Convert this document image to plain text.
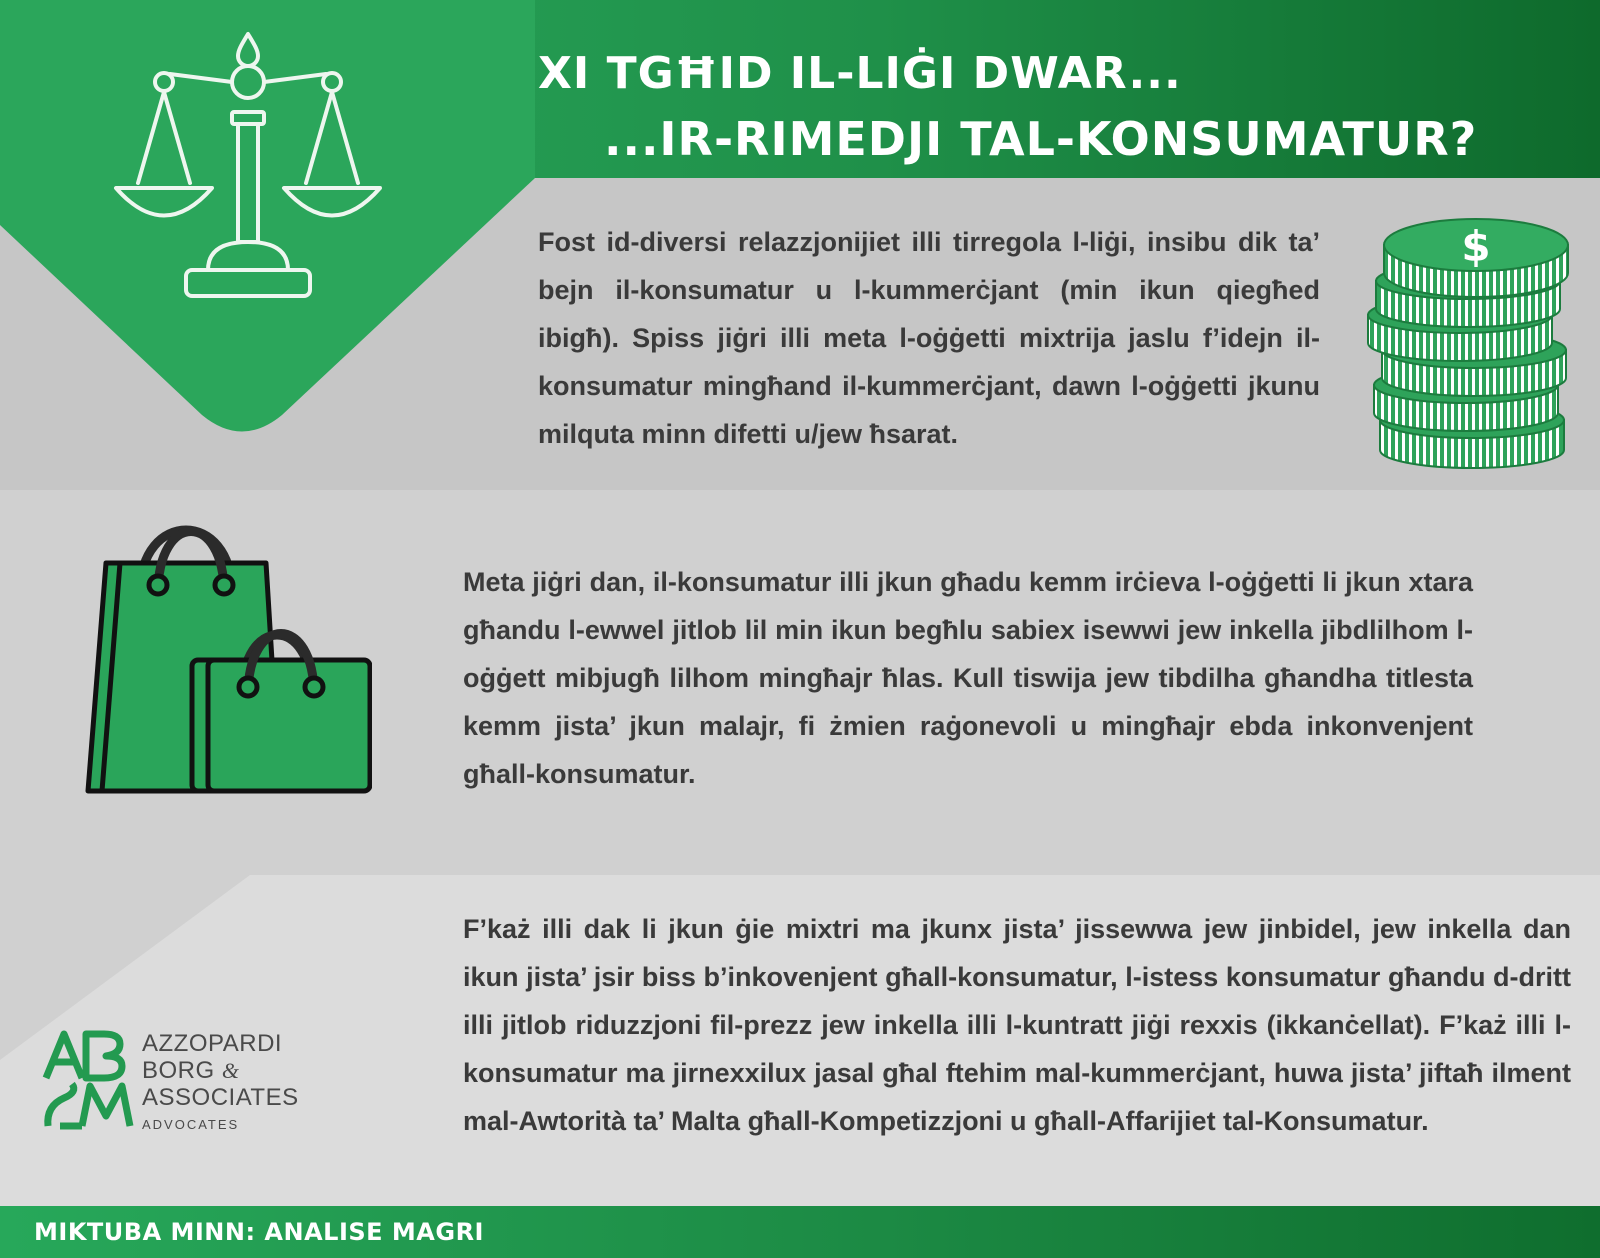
XI TGĦID IL-LIĠI DWAR...
...IR-RIMEDJI TAL-KONSUMATUR?

Fost id-diversi relazzjonijiet illi tirregola l-liġi, insibu dik ta’ bejn il-konsumatur u l-kummerċjant (min ikun qiegħed ibigħ). Spiss jiġri illi meta l-oġġetti mixtrija jaslu f’idejn il-konsumatur mingħand il-kummerċjant, dawn l-oġġetti jkunu milquta minn difetti u/jew ħsarat.

$

Meta jiġri dan, il-konsumatur illi jkun għadu kemm irċieva l-oġġetti li jkun xtara għandu l-ewwel jitlob lil min ikun begħlu sabiex isewwi jew inkella jibdlilhom l-oġġett mibjugħ lilhom mingħajr ħlas. Kull tiswija jew tibdilha għandha titlesta kemm jista’ jkun malajr, fi żmien raġonevoli u mingħajr ebda inkonvenjent għall-konsumatur.

F’każ illi dak li jkun ġie mixtri ma jkunx jista’ jissewwa jew jinbidel, jew inkella dan ikun jista’ jsir biss b’inkovenjent għall-konsumatur, l-istess konsumatur għandu d-dritt illi jitlob riduzzjoni fil-prezz jew inkella illi l-kuntratt jiġi rexxis (ikkanċellat). F’każ illi l-konsumatur ma jirnexxilux jasal għal ftehim mal-kummerċjant, huwa jista’ jiftaħ ilment mal-Awtorità ta’ Malta għall-Kompetizzjoni u għall-Affarijiet tal-Konsumatur.

AZZOPARDI
BORG &
ASSOCIATES
ADVOCATES

MIKTUBA MINN: ANALISE MAGRI
